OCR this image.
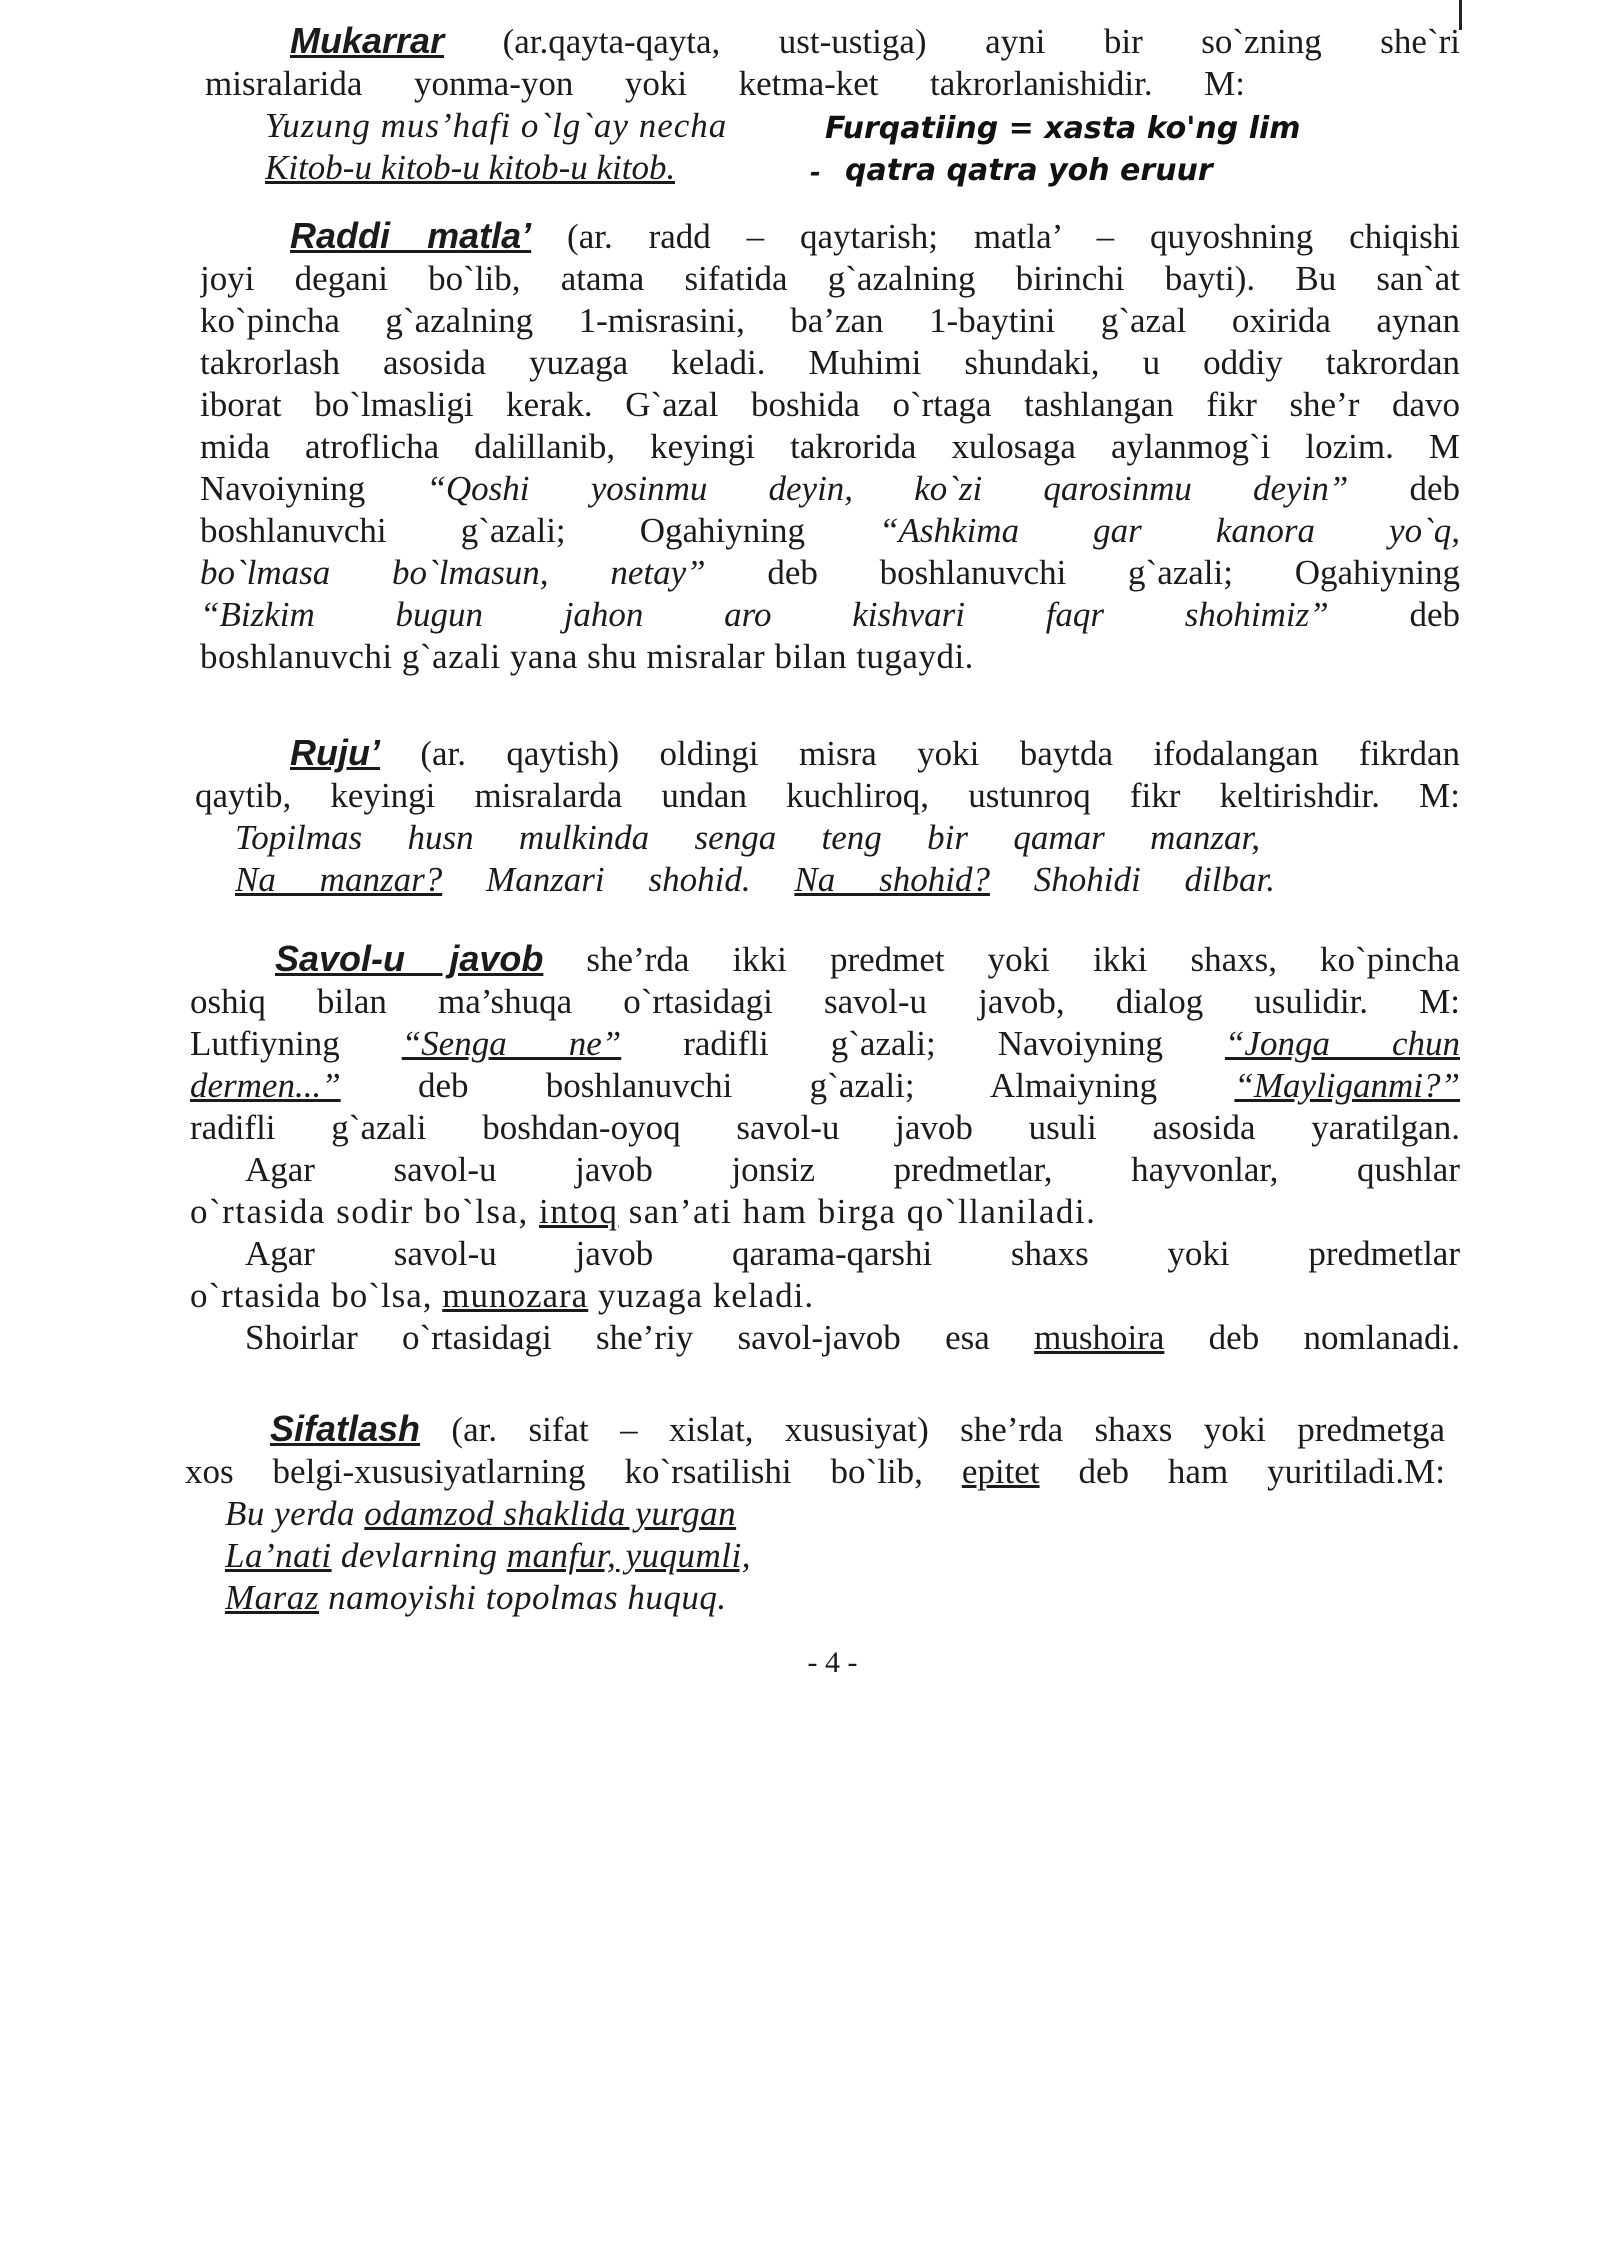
Mukarrar (ar.qayta-qayta, ust-ustiga) ayni bir so`zning she`ri
misralarida yonma-yon yoki ketma-ket takrorlanishidir. M:
Yuzung mus’hafi o`lg`ay necha
Kitob-u kitob-u kitob-u kitob.
Furqatiing = xasta ko'ng lim
- qatra qatra yoh eruur
Raddi matla’ (ar. radd – qaytarish; matla’ – quyoshning chiqishi
joyi degani bo`lib, atama sifatida g`azalning birinchi bayti). Bu san`at
ko`pincha g`azalning 1-misrasini, ba’zan 1-baytini g`azal oxirida aynan
takrorlash asosida yuzaga keladi. Muhimi shundaki, u oddiy takrordan
iborat bo`lmasligi kerak. G`azal boshida o`rtaga tashlangan fikr she’r davo
mida atroflicha dalillanib, keyingi takrorida xulosaga aylanmog`i lozim. M
Navoiyning “Qoshi yosinmu deyin, ko`zi qarosinmu deyin” deb
boshlanuvchi g`azali; Ogahiyning “Ashkima gar kanora yo`q,
bo`lmasa bo`lmasun, netay” deb boshlanuvchi g`azali; Ogahiyning
“Bizkim bugun jahon aro kishvari faqr shohimiz” deb
boshlanuvchi g`azali yana shu misralar bilan tugaydi.
Ruju’ (ar. qaytish) oldingi misra yoki baytda ifodalangan fikrdan
qaytib, keyingi misralarda undan kuchliroq, ustunroq fikr keltirishdir. M:
Topilmas husn mulkinda senga teng bir qamar manzar,
Na manzar? Manzari shohid. Na shohid? Shohidi dilbar.
Savol-u javob she’rda ikki predmet yoki ikki shaxs, ko`pincha
oshiq bilan ma’shuqa o`rtasidagi savol-u javob, dialog usulidir. M:
Lutfiyning “Senga ne” radifli g`azali; Navoiyning “Jonga chun
dermen...” deb boshlanuvchi g`azali; Almaiyning “Mayliganmi?”
radifli g`azali boshdan-oyoq savol-u javob usuli asosida yaratilgan.
Agar savol-u javob jonsiz predmetlar, hayvonlar, qushlar
o`rtasida sodir bo`lsa, intoq san’ati ham birga qo`llaniladi.
Agar savol-u javob qarama-qarshi shaxs yoki predmetlar
o`rtasida bo`lsa, munozara yuzaga keladi.
Shoirlar o`rtasidagi she’riy savol-javob esa mushoira deb nomlanadi.
Sifatlash (ar. sifat – xislat, xususiyat) she’rda shaxs yoki predmetga
xos belgi-xususiyatlarning ko`rsatilishi bo`lib, epitet deb ham yuritiladi.M:
Bu yerda odamzod shaklida yurgan
La’nati devlarning manfur, yuqumli,
Maraz namoyishi topolmas huquq.
- 4 -
